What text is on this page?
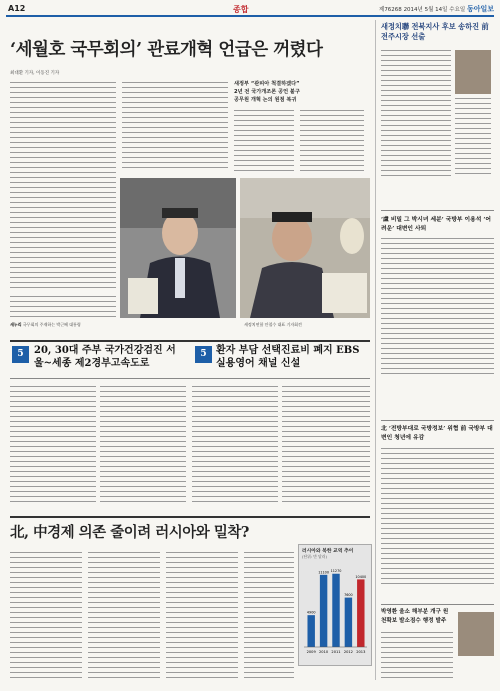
A12	종합	제76268 2014년 5월 14일 수요일 동아일보
‘세월호 국무회의’ 관료개혁 언급은 꺼렸다
최대환 기자, 이동진 기자
새정부 “관피아 척결하겠다”
2년 전 국가개조론 공언 불구
공무원 개혁 논의 원점 복귀
새누리 국무회의 주재하는 박근혜 대통령	새정치연합 안철수 대표 기자회견
새정치聯 전북지사 후보 송하진 前전주시장 선출
‘盧 비밀 그 박시녀 세분’ 국방부 이용석 ‘어려운’ 대변인 사퇴
北 ‘전방부대로 국방정보’ 위협 前 국방부 대변인 청년에 유감
박영환 울소 해부분 개구 원천확보 발소점수 행정 발주
5	20, 30대 주부 국가건강검진 서울~세종 제2경부고속도로
5 환자 부담 선택진료비 폐지 EBS 실용영어 채널 신설
北, 中경제 의존 줄이려 러시아와 밀착?
러시아와 북한 교역 추이
(단위: 만 달러)
4900
2009
11100
2010
11270
2011
7600
2012
10400
2013
